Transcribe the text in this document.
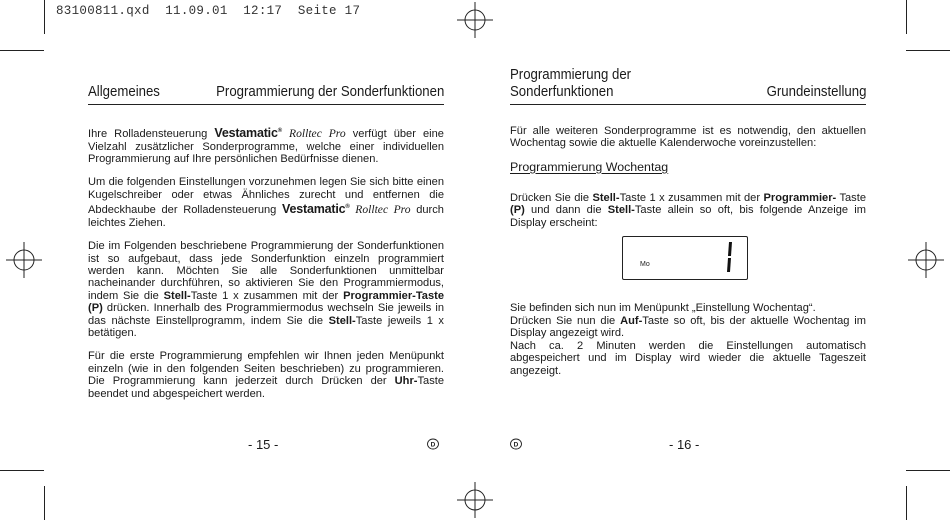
83100811.qxd  11.09.01  12:17  Seite 17
Allgemeines	Programmierung der Sonderfunktionen

Ihre Rolladensteuerung Vestamatic® Rolltec Pro verfügt über eine Vielzahl zusätzlicher Sonderprogramme, welche einer individuellen Programmierung auf Ihre persönlichen Bedürfnisse dienen.

Um die folgenden Einstellungen vorzunehmen legen Sie sich bitte einen Kugelschreiber oder etwas Ähnliches zurecht und entfernen die Abdeckhaube der Rolladensteuerung Vestamatic® Rolltec Pro durch leichtes Ziehen.

Die im Folgenden beschriebene Programmierung der Sonderfunktionen ist so aufgebaut, dass jede Sonderfunktion einzeln programmiert werden kann. Möchten Sie alle Sonderfunktionen unmittelbar nacheinander durchführen, so aktivieren Sie den Programmiermodus, indem Sie die Stell-Taste 1 x zusammen mit der Programmier-Taste (P) drücken. Innerhalb des Programmiermodus wechseln Sie jeweils in das nächste Einstellprogramm, indem Sie die Stell-Taste jeweils 1 x betätigen.

Für die erste Programmierung empfehlen wir Ihnen jeden Menüpunkt einzeln (wie in den folgenden Seiten beschrieben) zu programmieren. Die Programmierung kann jederzeit durch Drücken der Uhr-Taste beendet und abgespeichert werden.

- 15 -	D
Programmierung der Sonderfunktionen	Grundeinstellung

Für alle weiteren Sonderprogramme ist es notwendig, den aktuellen Wochentag sowie die aktuelle Kalenderwoche voreinzustellen:

Programmierung Wochentag

Drücken Sie die Stell-Taste 1 x zusammen mit der Programmier- Taste (P) und dann die Stell-Taste allein so oft, bis folgende Anzeige im Display erscheint:

Sie befinden sich nun im Menüpunkt „Einstellung Wochentag“.
Drücken Sie nun die Auf-Taste so oft, bis der aktuelle Wochentag im Display angezeigt wird.
Nach ca. 2 Minuten werden die Einstellungen automatisch abgespeichert und im Display wird wieder die aktuelle Tageszeit angezeigt.

Mo
D	- 16 -
